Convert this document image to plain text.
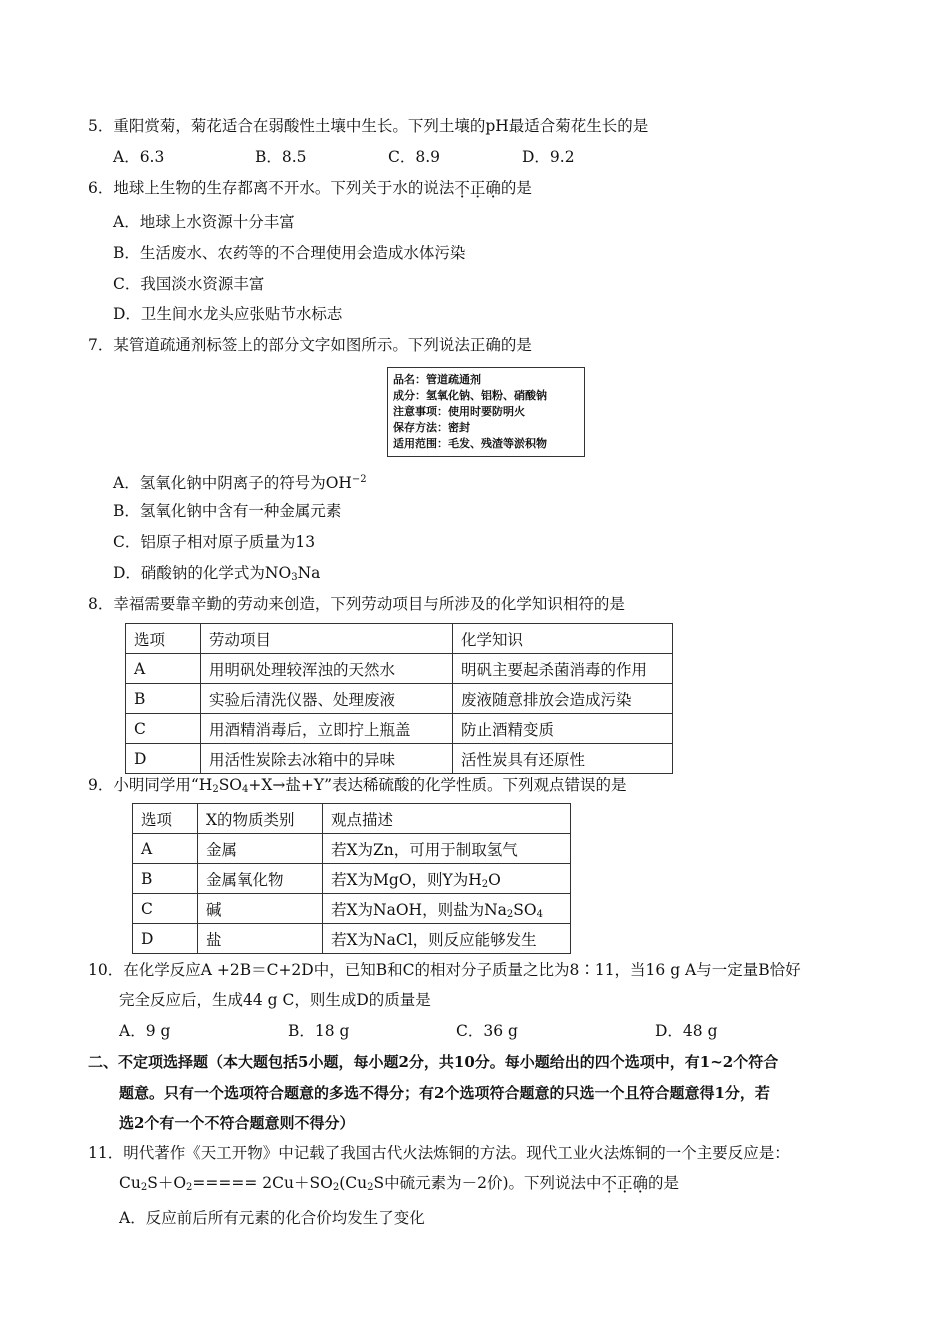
5．重阳赏菊，菊花适合在弱酸性土壤中生长。下列土壤的pH最适合菊花生长的是
A．6.3	B．8.5	C．8.9	D．9.2
6．地球上生物的生存都离不开水。下列关于水的说法不正确的是
A．地球上水资源十分丰富
B．生活废水、农药等的不合理使用会造成水体污染
C．我国淡水资源丰富
D．卫生间水龙头应张贴节水标志
7．某管道疏通剂标签上的部分文字如图所示。下列说法正确的是
品名：管道疏通剂
成分：氢氧化钠、铝粉、硝酸钠
注意事项：使用时要防明火
保存方法：密封
适用范围：毛发、残渣等淤积物
A．氢氧化钠中阴离子的符号为$OH^{-2}$
B．氢氧化钠中含有一种金属元素
C．铝原子相对原子质量为13
D．硝酸钠的化学式为$NO_3Na$
8．幸福需要靠辛勤的劳动来创造，下列劳动项目与所涉及的化学知识相符的是
选项	劳动项目	化学知识
A	用明矾处理较浑浊的天然水	明矾主要起杀菌消毒的作用
B	实验后清洗仪器、处理废液	废液随意排放会造成污染
C	用酒精消毒后，立即拧上瓶盖	防止酒精变质
D	用活性炭除去冰箱中的异味	活性炭具有还原性
9．小明同学用“$H_2SO_4+X\to$盐+Y”表达稀硫酸的化学性质。下列观点错误的是
选项	X的物质类别	观点描述
A	金属	若X为Zn，可用于制取氢气
B	金属氧化物	若X为MgO，则Y为$H_2O$
C	碱	若X为NaOH，则盐为$Na_2SO_4$
D	盐	若X为NaCl，则反应能够发生
10．在化学反应A +2B＝C+2D中，已知B和C的相对分子质量之比为8∶11，当16 g A与一定量B恰好
完全反应后，生成44 g C，则生成D的质量是
A．9 g	B．18 g	C．36 g	D．48 g
二、不定项选择题（本大题包括5小题，每小题2分，共10分。每小题给出的四个选项中，有1~2个符合
题意。只有一个选项符合题意的多选不得分；有2个选项符合题意的只选一个且符合题意得1分，若
选2个有一个不符合题意则不得分）
11．明代著作《天工开物》中记载了我国古代火法炼铜的方法。现代工业火法炼铜的一个主要反应是：
$Cu_2S+O_2===== 2Cu+SO_2(Cu_2S$中硫元素为－2价)。下列说法中不正确的是
A．反应前后所有元素的化合价均发生了变化
